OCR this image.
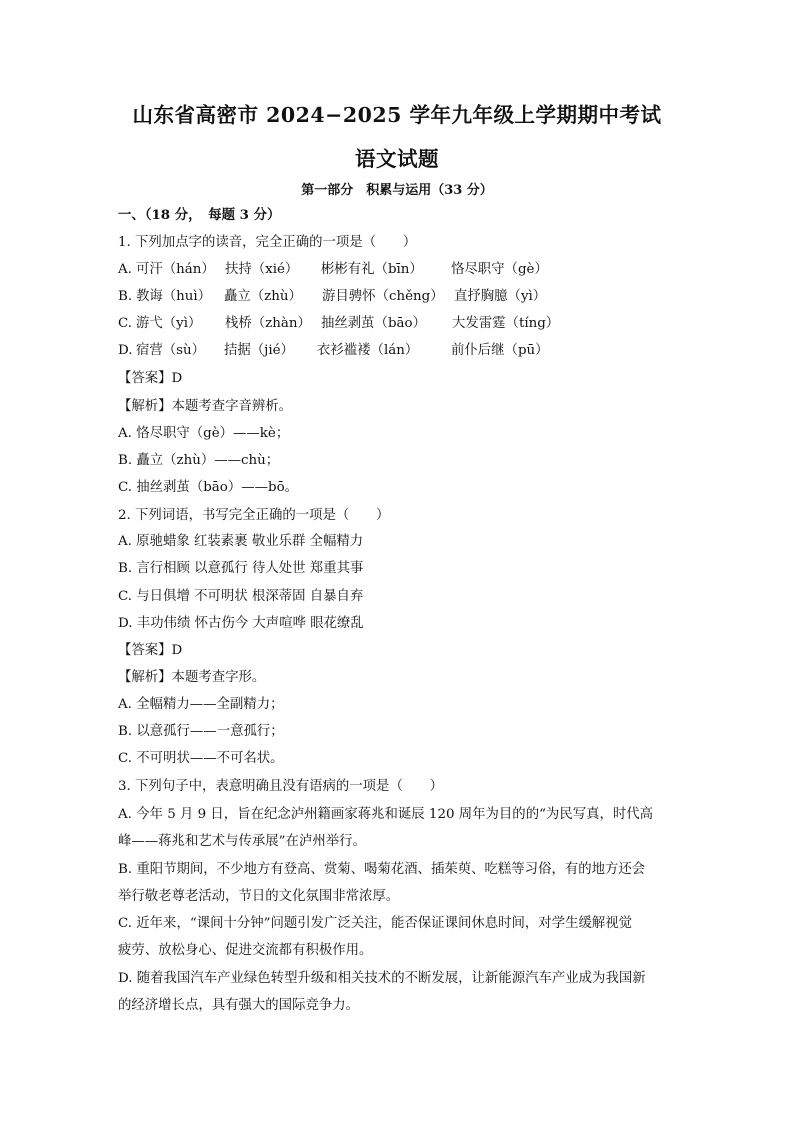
山东省高密市 2024−2025 学年九年级上学期期中考试
语文试题
第一部分　积累与运用（33 分）
一、（18 分，　每题 3 分）
1. 下列加点字的读音，完全正确的一项是（　　）
A. 可汗（hán） 扶持（xié） 彬彬有礼（bīn） 恪尽职守（gè）
B. 教诲（huì） 矗立（zhù） 游目骋怀（chěng） 直抒胸臆（yì）
C. 游弋（yì） 栈桥（zhàn） 抽丝剥茧（bāo） 大发雷霆（tíng）
D. 宿营（sù） 拮据（jié） 衣衫褴褛（lán） 前仆后继（pū）
【答案】D
【解析】本题考查字音辨析。
A. 恪尽职守（gè）——kè；
B. 矗立（zhù）——chù；
C. 抽丝剥茧（bāo）——bō。
2. 下列词语，书写完全正确的一项是（　　）
A. 原驰蜡象 红装素裹 敬业乐群 全幅精力
B. 言行相顾 以意孤行 待人处世 郑重其事
C. 与日俱增 不可明状 根深蒂固 自暴自弃
D. 丰功伟绩 怀古伤今 大声喧哗 眼花缭乱
【答案】D
【解析】本题考查字形。
A. 全幅精力——全副精力；
B. 以意孤行——一意孤行；
C. 不可明状——不可名状。
3. 下列句子中，表意明确且没有语病的一项是（　　）
A. 今年 5 月 9 日，旨在纪念泸州籍画家蒋兆和诞辰 120 周年为目的的“为民写真，时代高
峰——蒋兆和艺术与传承展”在泸州举行。
B. 重阳节期间，不少地方有登高、赏菊、喝菊花酒、插茱萸、吃糕等习俗，有的地方还会
举行敬老尊老活动，节日的文化氛围非常浓厚。
C. 近年来，“课间十分钟”问题引发广泛关注，能否保证课间休息时间，对学生缓解视觉
疲劳、放松身心、促进交流都有积极作用。
D. 随着我国汽车产业绿色转型升级和相关技术的不断发展，让新能源汽车产业成为我国新
的经济增长点，具有强大的国际竞争力。
